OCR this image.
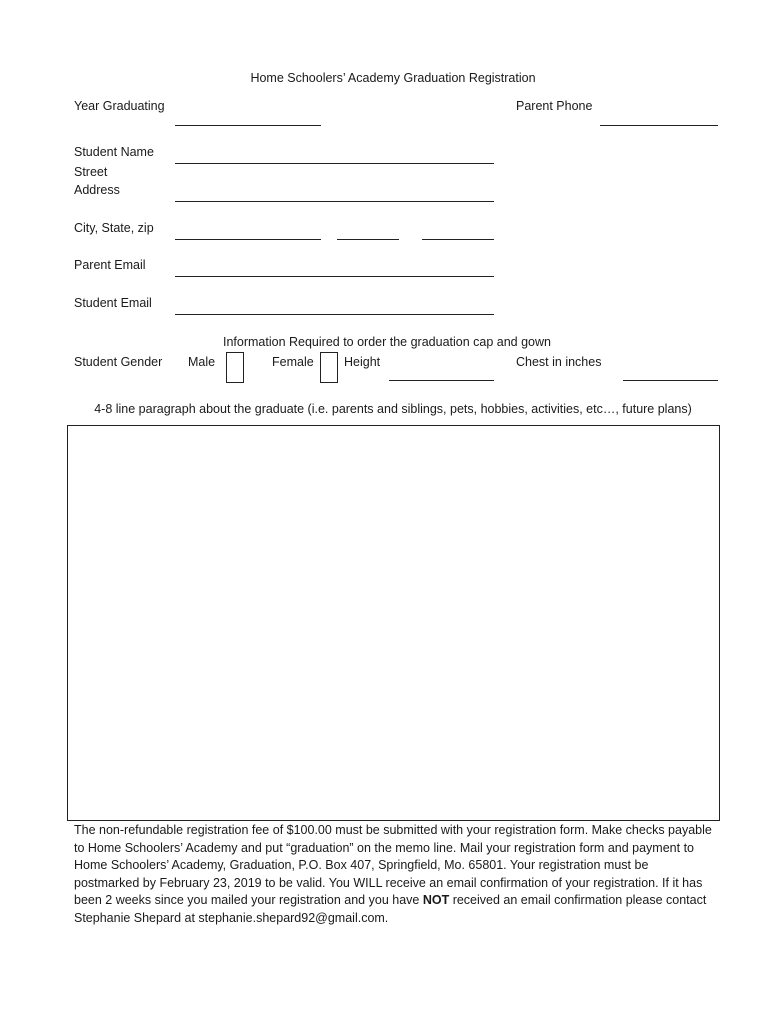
Home Schoolers’ Academy Graduation Registration
Year Graduating	Parent Phone
Student Name
Street
Address
City, State, zip
Parent Email
Student Email
Information Required to order the graduation cap and gown
Student Gender Male	Female Height	Chest in inches
4-8 line paragraph about the graduate (i.e. parents and siblings, pets, hobbies, activities, etc…, future plans)
The non-refundable registration fee of $100.00 must be submitted with your registration form. Make checks payable to Home Schoolers’ Academy and put “graduation” on the memo line. Mail your registration form and payment to Home Schoolers’ Academy, Graduation, P.O. Box 407, Springfield, Mo. 65801. Your registration must be postmarked by February 23, 2019 to be valid. You WILL receive an email confirmation of your registration. If it has been 2 weeks since you mailed your registration and you have NOT received an email confirmation please contact Stephanie Shepard at stephanie.shepard92@gmail.com.
